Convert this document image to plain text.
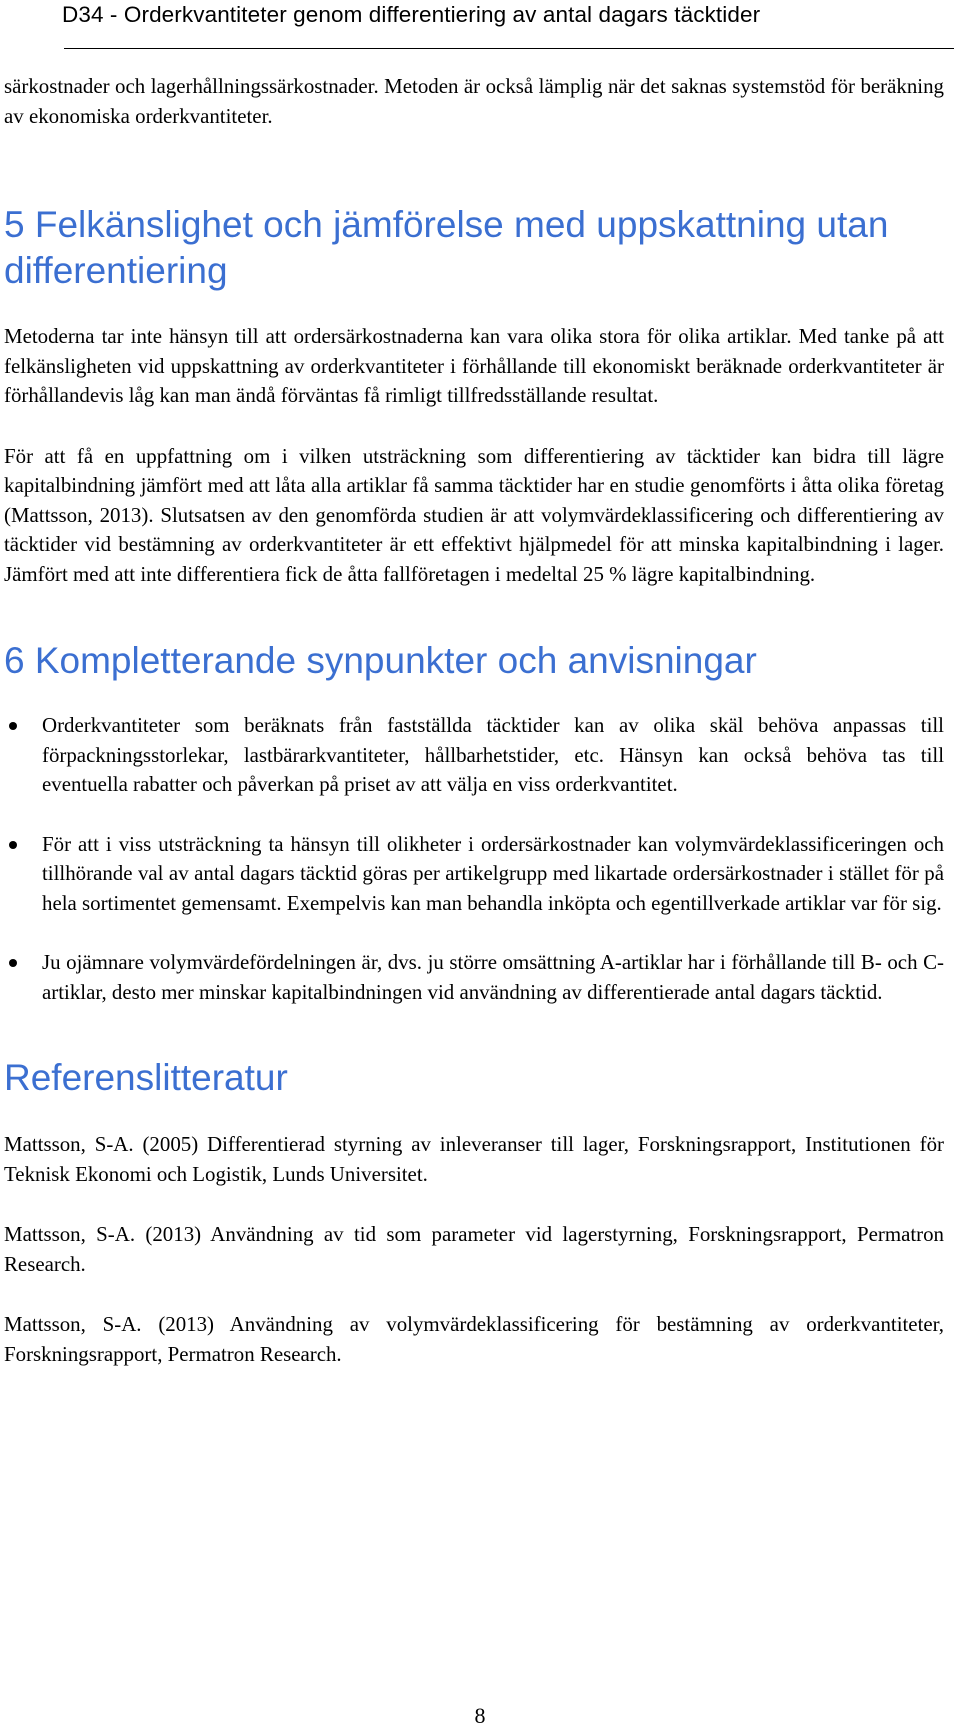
D34 - Orderkvantiteter genom differentiering av antal dagars täcktider

särkostnader och lagerhållningssärkostnader. Metoden är också lämplig när det saknas systemstöd för beräkning av ekonomiska orderkvantiteter.

5 Felkänslighet och jämförelse med uppskattning utan differentiering

Metoderna tar inte hänsyn till att ordersärkostnaderna kan vara olika stora för olika artiklar. Med tanke på att felkänsligheten vid uppskattning av orderkvantiteter i förhållande till ekonomiskt beräknade orderkvantiteter är förhållandevis låg kan man ändå förväntas få rimligt tillfredsställande resultat.

För att få en uppfattning om i vilken utsträckning som differentiering av täcktider kan bidra till lägre kapitalbindning jämfört med att låta alla artiklar få samma täcktider har en studie genomförts i åtta olika företag (Mattsson, 2013). Slutsatsen av den genomförda studien är att volymvärdeklassificering och differentiering av täcktider vid bestämning av orderkvantiteter är ett effektivt hjälpmedel för att minska kapitalbindning i lager. Jämfört med att inte differentiera fick de åtta fallföretagen i medeltal 25 % lägre kapitalbindning.

6 Kompletterande synpunkter och anvisningar
Orderkvantiteter som beräknats från fastställda täcktider kan av olika skäl behöva anpassas till förpackningsstorlekar, lastbärarkvantiteter, hållbarhetstider, etc. Hänsyn kan också behöva tas till eventuella rabatter och påverkan på priset av att välja en viss orderkvantitet.
För att i viss utsträckning ta hänsyn till olikheter i ordersärkostnader kan volymvärdeklassificeringen och tillhörande val av antal dagars täcktid göras per artikelgrupp med likartade ordersärkostnader i stället för på hela sortimentet gemensamt. Exempelvis kan man behandla inköpta och egentillverkade artiklar var för sig.
Ju ojämnare volymvärdefördelningen är, dvs. ju större omsättning A-artiklar har i förhållande till B- och C-artiklar, desto mer minskar kapitalbindningen vid användning av differentierade antal dagars täcktid.
Referenslitteratur

Mattsson, S-A. (2005) Differentierad styrning av inleveranser till lager, Forskningsrapport, Institutionen för Teknisk Ekonomi och Logistik, Lunds Universitet.

Mattsson, S-A. (2013) Användning av tid som parameter vid lagerstyrning, Forskningsrapport, Permatron Research.

Mattsson, S-A. (2013) Användning av volymvärdeklassificering för bestämning av orderkvantiteter, Forskningsrapport, Permatron Research.

8
